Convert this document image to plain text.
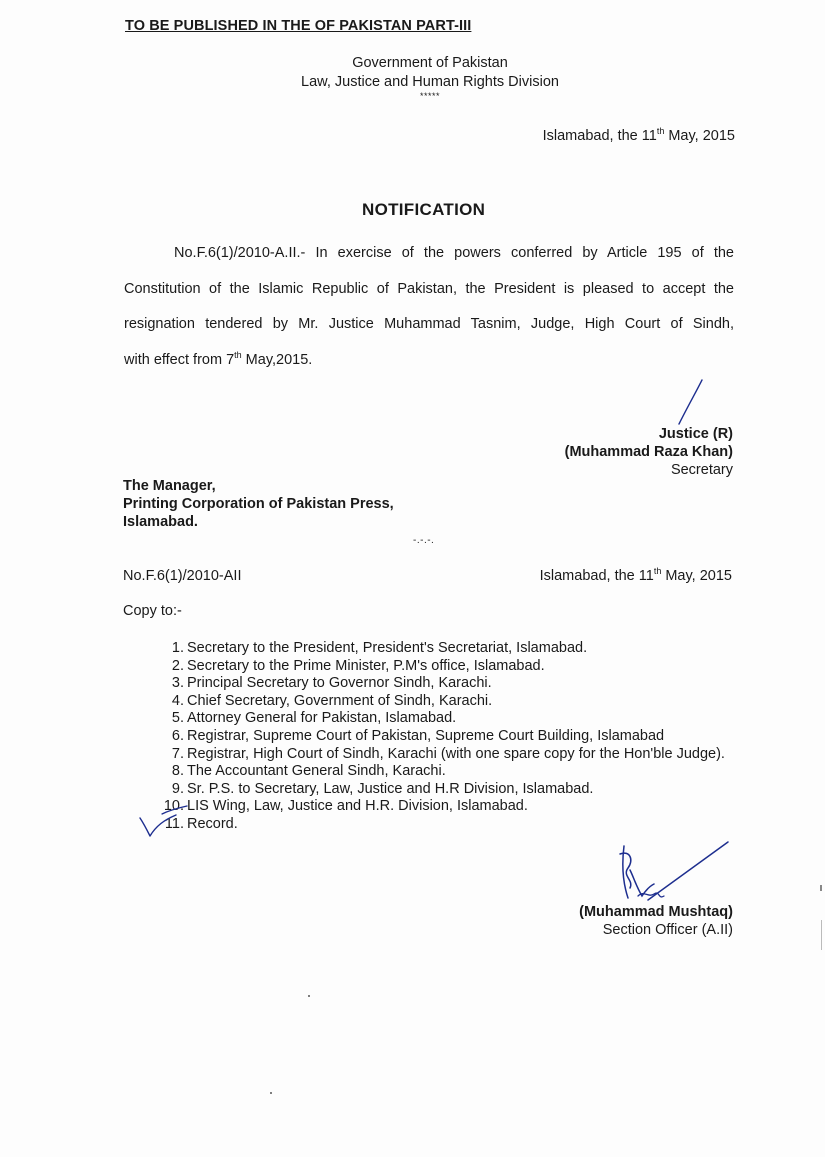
TO BE PUBLISHED IN THE OF PAKISTAN PART-III
Government of Pakistan
Law, Justice and Human Rights Division
*****
Islamabad, the 11th May, 2015
NOTIFICATION
No.F.6(1)/2010-A.II.- In exercise of the powers conferred by Article 195 of the
Constitution of the Islamic Republic of Pakistan, the President is pleased to accept the
resignation tendered by Mr. Justice Muhammad Tasnim, Judge, High Court of Sindh,
with effect from 7th May,2015.
Justice (R)
(Muhammad Raza Khan)
Secretary
The Manager,
Printing Corporation of Pakistan Press,
Islamabad.
-.-.-.
No.F.6(1)/2010-AII	Islamabad, the 11th May, 2015
Copy to:-
1. Secretary to the President, President's Secretariat, Islamabad.
2. Secretary to the Prime Minister, P.M's office, Islamabad.
3. Principal Secretary to Governor Sindh, Karachi.
4. Chief Secretary, Government of Sindh, Karachi.
5. Attorney General for Pakistan, Islamabad.
6. Registrar, Supreme Court of Pakistan, Supreme Court Building, Islamabad
7. Registrar, High Court of Sindh, Karachi (with one spare copy for the Hon'ble Judge).
8. The Accountant General Sindh, Karachi.
9. Sr. P.S. to Secretary, Law, Justice and H.R Division, Islamabad.
10. LIS Wing, Law, Justice and H.R. Division, Islamabad.
11. Record.
(Muhammad Mushtaq)
Section Officer (A.II)
